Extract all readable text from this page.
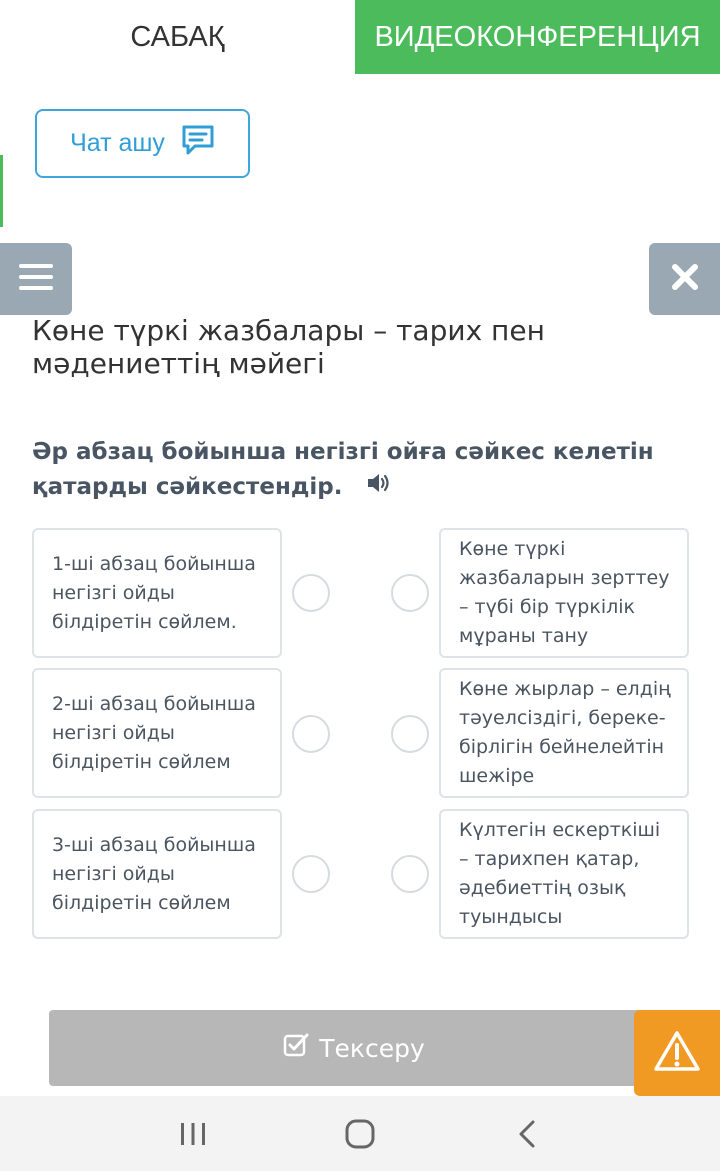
САБАҚ	ВИДЕОКОНФЕРЕНЦИЯ
Чат ашу
Көне түркі жазбалары – тарих пен мәдениеттің мәйегі
Әр абзац бойынша негізгі ойға сәйкес келетін қатарды сәйкестендір.
1-ші абзац бойынша негізгі ойды білдіретін сөйлем.
2-ші абзац бойынша негізгі ойды білдіретін сөйлем
3-ші абзац бойынша негізгі ойды білдіретін сөйлем
Көне түркі жазбаларын зерттеу – түбі бір түркілік мұраны тану
Көне жырлар – елдің тәуелсіздігі, береке-бірлігін бейнелейтін шежіре
Күлтегін ескерткіші – тарихпен қатар, әдебиеттің озық туындысы
Тексеру
